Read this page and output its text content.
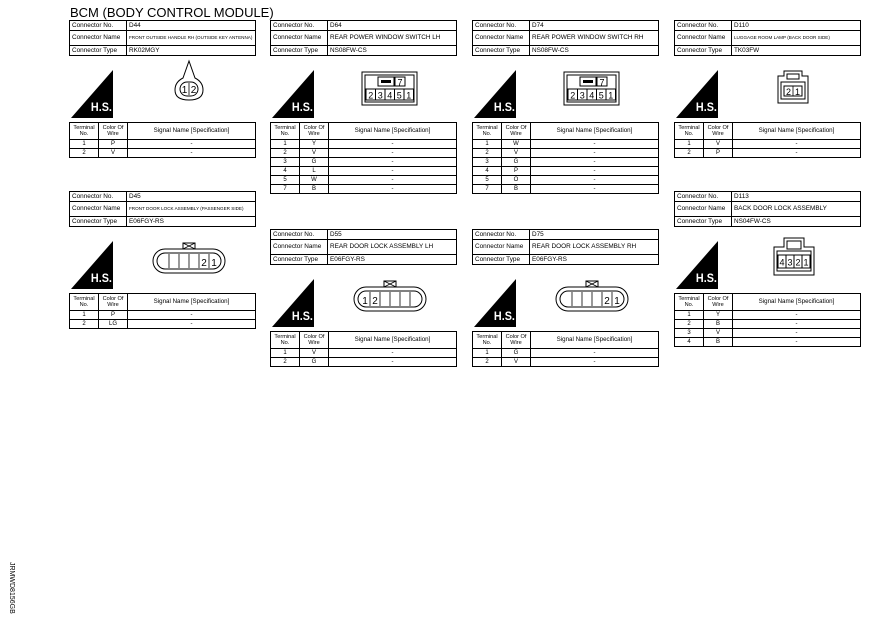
BCM (BODY CONTROL MODULE)
Connector No.	D44
Connector Name	FRONT OUTSIDE HANDLE RH (OUTSIDE KEY ANTENNA)
Connector Type	RK02MGY
H.S.
1 2
Terminal
No.	Color Of
Wire	Signal Name [Specification]
1	P	-
2	V	-
Connector No.	D64
Connector Name	REAR POWER WINDOW SWITCH LH
Connector Type	NS08FW-CS
H.S.
7
2 3 4 5 1
Terminal
No.	Color Of
Wire	Signal Name [Specification]
1	Y	-
2	V	-
3	G	-
4	L	-
5	W	-
7	B	-
Connector No.	D74
Connector Name	REAR POWER WINDOW SWITCH RH
Connector Type	NS08FW-CS
H.S.
7
2 3 4 5 1
Terminal
No.	Color Of
Wire	Signal Name [Specification]
1	W	-
2	V	-
3	G	-
4	P	-
5	O	-
7	B	-
Connector No.	D110
Connector Name	LUGGAGE ROOM LAMP (BACK DOOR SIDE)
Connector Type	TK03FW
H.S.
2 1
Terminal
No.	Color Of
Wire	Signal Name [Specification]
1	V	-
2	P	-
Connector No.	D45
Connector Name	FRONT DOOR LOCK ASSEMBLY (PASSENGER SIDE)
Connector Type	E06FGY-RS
H.S.
2 1
Terminal
No.	Color Of
Wire	Signal Name [Specification]
1	P	-
2	LG	-
Connector No.	D55
Connector Name	REAR DOOR LOCK ASSEMBLY LH
Connector Type	E06FGY-RS
H.S.
1 2
Terminal
No.	Color Of
Wire	Signal Name [Specification]
1	V	-
2	G	-
Connector No.	D75
Connector Name	REAR DOOR LOCK ASSEMBLY RH
Connector Type	E06FGY-RS
H.S.
2 1
Terminal
No.	Color Of
Wire	Signal Name [Specification]
1	G	-
2	V	-
Connector No.	D113
Connector Name	BACK DOOR LOCK ASSEMBLY
Connector Type	NS04FW-CS
H.S.
4 3 2 1
Terminal
No.	Color Of
Wire	Signal Name [Specification]
1	Y	-
2	B	-
3	V	-
4	B	-
JRMWD8156GB
